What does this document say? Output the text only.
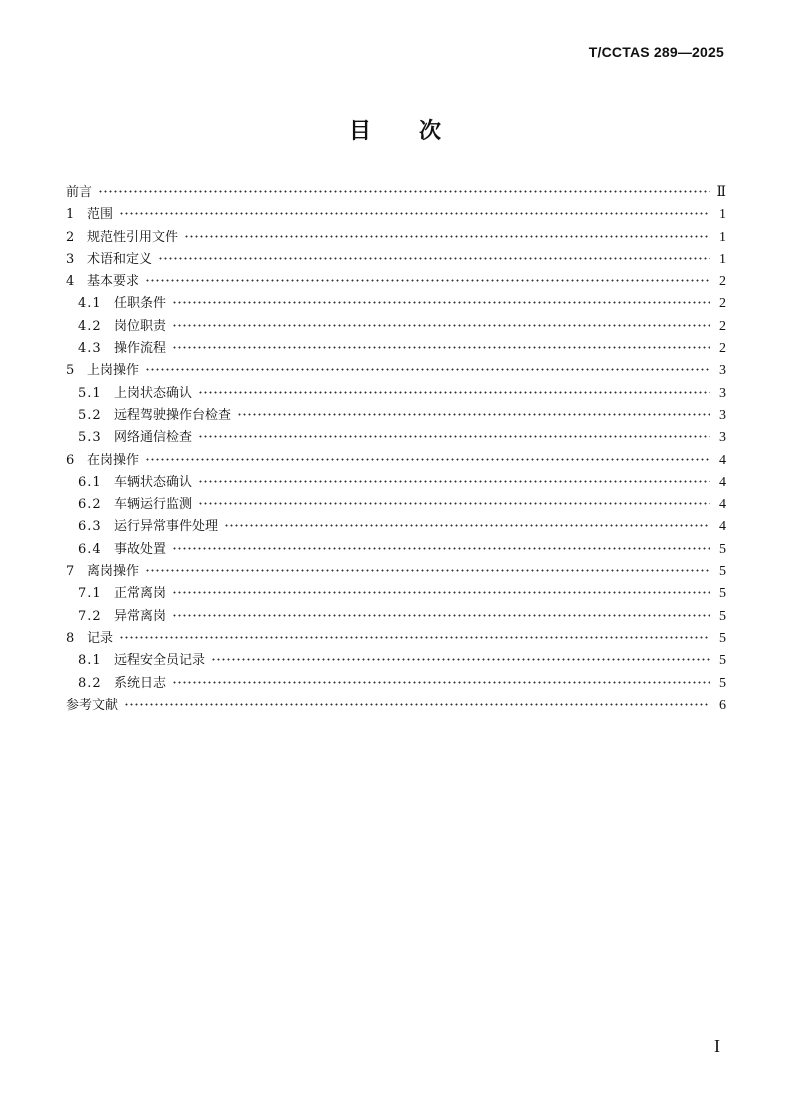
T/CCTAS 289—2025
目 次
前言	Ⅱ
1 范围	1
2 规范性引用文件	1
3 术语和定义	1
4 基本要求	2
4.1 任职条件	2
4.2 岗位职责	2
4.3 操作流程	2
5 上岗操作	3
5.1 上岗状态确认	3
5.2 远程驾驶操作台检查	3
5.3 网络通信检查	3
6 在岗操作	4
6.1 车辆状态确认	4
6.2 车辆运行监测	4
6.3 运行异常事件处理	4
6.4 事故处置	5
7 离岗操作	5
7.1 正常离岗	5
7.2 异常离岗	5
8 记录	5
8.1 远程安全员记录	5
8.2 系统日志	5
参考文献	6
I
